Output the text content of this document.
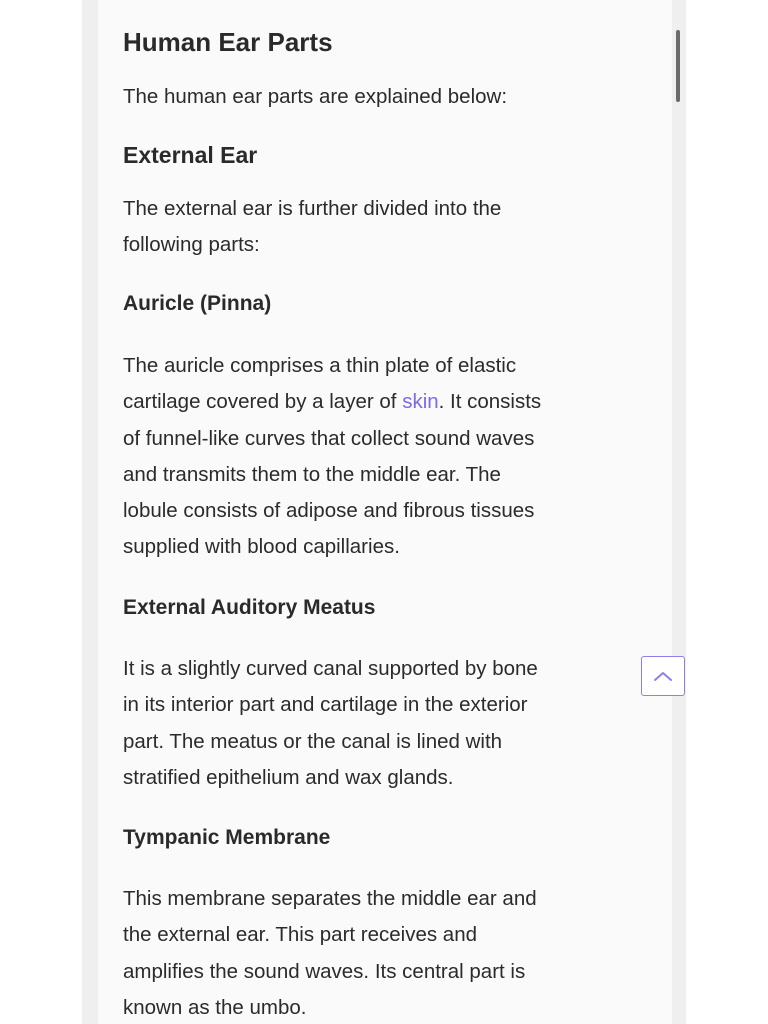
Human Ear Parts

The human ear parts are explained below:

External Ear

The external ear is further divided into the
following parts:

Auricle (Pinna)

The auricle comprises a thin plate of elastic
cartilage covered by a layer of skin. It consists
of funnel-like curves that collect sound waves
and transmits them to the middle ear. The
lobule consists of adipose and fibrous tissues
supplied with blood capillaries.

External Auditory Meatus

It is a slightly curved canal supported by bone
in its interior part and cartilage in the exterior
part. The meatus or the canal is lined with
stratified epithelium and wax glands.

Tympanic Membrane

This membrane separates the middle ear and
the external ear. This part receives and
amplifies the sound waves. Its central part is
known as the umbo.
